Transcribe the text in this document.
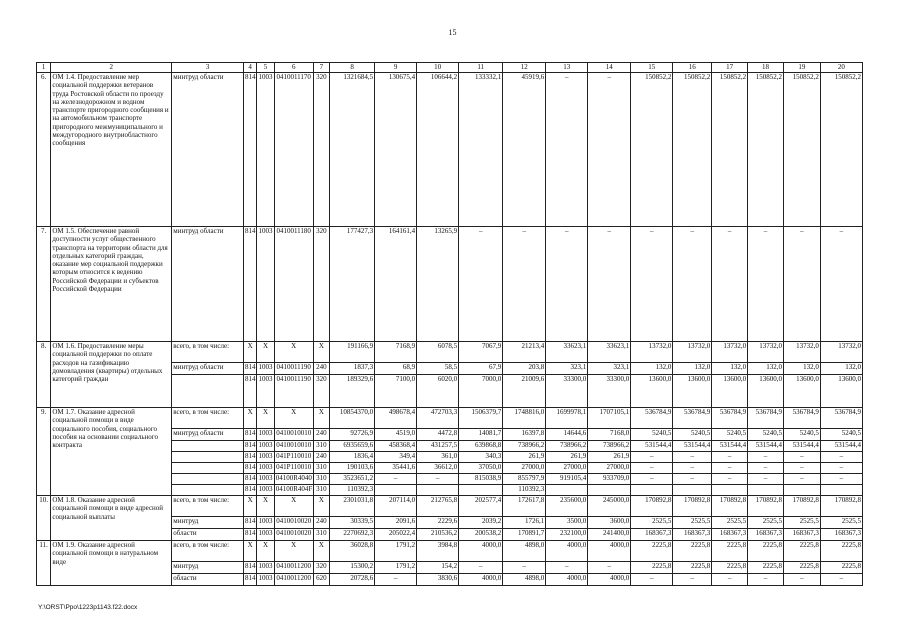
15
1	2	3	4	5	6	7	8	9	10	11	12	13	14	15	16	17	18	19	20
6.	ОМ 1.4. Предоставление мер социальной поддержки ветеранов труда Ростовской области по проезду на железнодорожном и водном транспорте пригородного сообщения и на автомобильном транспорте пригородного межмуниципального и междугородного внутриобластного сообщения	минтруд области	814	1003	0410011170	320	1321684,5	130675,4	106644,2	133332,1	45919,6	–	–	150852,2	150852,2	150852,2	150852,2	150852,2	150852,2
7.	ОМ 1.5. Обеспечение равной доступности услуг общественного транспорта на территории области для отдельных категорий граждан, оказание мер социальной поддержки которым относится к ведению Российской Федерации и субъектов Российской Федерации	минтруд области	814	1003	0410011180	320	177427,3	164161,4	13265,9	–	–	–	–	–	–	–	–	–	–
8.	ОМ 1.6. Предоставление меры социальной поддержки по оплате расходов на газификацию домовладения (квартиры) отдельных категорий граждан	всего, в том числе:	X	X	X	X	191166,9	7168,9	6078,5	7067,9	21213,4	33623,1	33623,1	13732,0	13732,0	13732,0	13732,0	13732,0	13732,0
		минтруд области	814	1003	0410011190	240	1837,3	68,9	58,5	67,9	203,8	323,1	323,1	132,0	132,0	132,0	132,0	132,0	132,0
			814	1003	0410011190	320	189329,6	7100,0	6020,0	7000,0	21009,6	33300,0	33300,0	13600,0	13600,0	13600,0	13600,0	13600,0	13600,0
9.	ОМ 1.7. Оказание адресной социальной помощи в виде социального пособия, социального пособия на основании социального контракта	всего, в том числе:	X	X	X	X	10854370,0	498678,4	472703,3	1506379,7	1748816,0	1699978,1	1707105,1	536784,9	536784,9	536784,9	536784,9	536784,9	536784,9
		минтруд области	814	1003	0410010010	240	92726,9	4519,0	4472,8	14081,7	16397,8	14644,6	7168,0	5240,5	5240,5	5240,5	5240,5	5240,5	5240,5
			814	1003	0410010010	310	6935659,6	458368,4	431257,5	639868,8	738966,2	738966,2	738966,2	531544,4	531544,4	531544,4	531544,4	531544,4	531544,4
			814	1003	041P110010	240	1836,4	349,4	361,0	340,3	261,9	261,9	261,9	–	–	–	–	–	–
			814	1003	041P110010	310	190103,6	35441,6	36612,0	37050,0	27000,0	27000,0	27000,0	–	–	–	–	–	–
			814	1003	04100R4040	310	3523651,2	–	–	815038,9	855797,9	919105,4	933709,0	–	–	–	–	–	–
			814	1003	04100R404F	310	110392,3				110392,3								
10.	ОМ 1.8. Оказание адресной социальной помощи в виде адресной социальной выплаты	всего, в том числе:	X	X	X	X	2301031,8	207114,0	212765,8	202577,4	172617,8	235600,0	245000,0	170892,8	170892,8	170892,8	170892,8	170892,8	170892,8
		минтруд	814	1003	0410010020	240	30339,5	2091,6	2229,6	2039,2	1726,1	3500,0	3600,0	2525,5	2525,5	2525,5	2525,5	2525,5	2525,5
		области	814	1003	0410010020	310	2270692,3	205022,4	210536,2	200538,2	170891,7	232100,0	241400,0	168367,3	168367,3	168367,3	168367,3	168367,3	168367,3
11.	ОМ 1.9. Оказание адресной социальной помощи в натуральном виде	всего, в том числе:	X	X	X	X	36028,8	1791,2	3984,8	4000,0	4898,0	4000,0	4000,0	2225,8	2225,8	2225,8	2225,8	2225,8	2225,8
		минтруд	814	1003	0410011200	320	15300,2	1791,2	154,2	–	–	–	–	2225,8	2225,8	2225,8	2225,8	2225,8	2225,8
		области	814	1003	0410011200	620	20728,6	–	3830,6	4000,0	4898,0	4000,0	4000,0	–	–	–	–	–	–
Y:\ORST\Ppo\1223p1143.f22.docx
